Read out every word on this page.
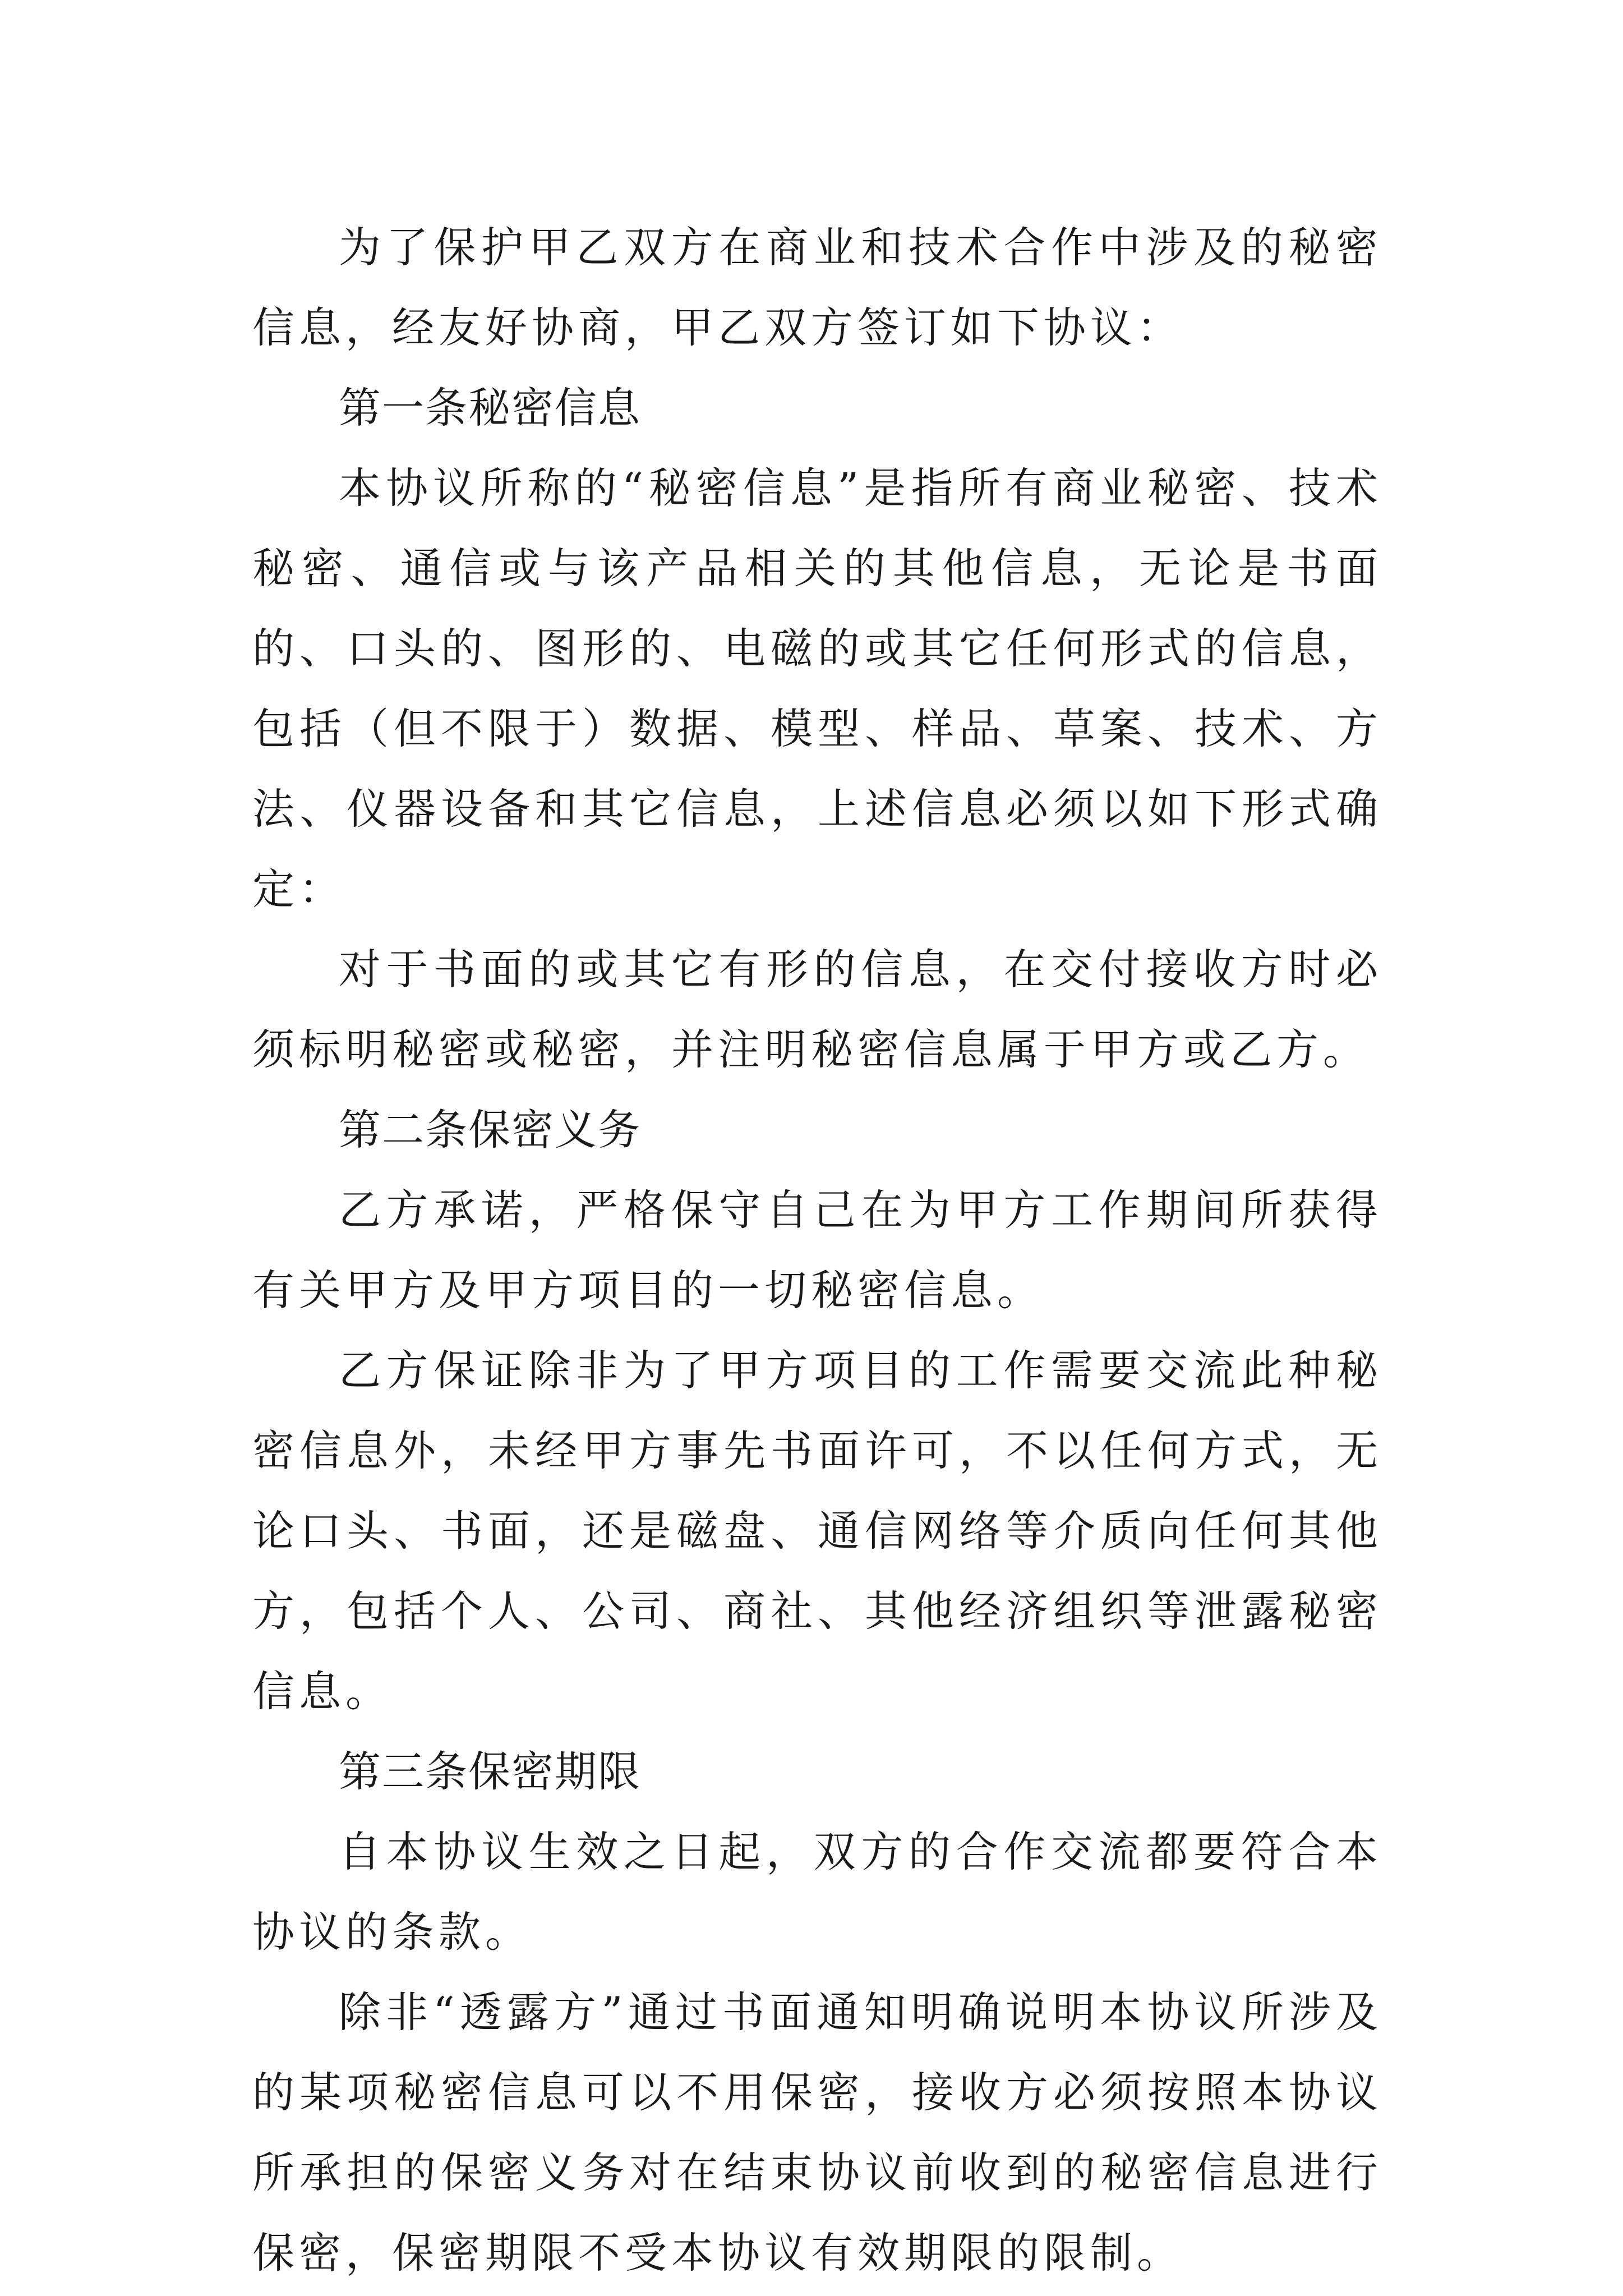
为了保护甲乙双方在商业和技术合作中涉及的秘密信息，经友好协商，甲乙双方签订如下协议：

第一条秘密信息

本协议所称的“秘密信息”是指所有商业秘密、技术秘密、通信或与该产品相关的其他信息，无论是书面的、口头的、图形的、电磁的或其它任何形式的信息，包括（但不限于）数据、模型、样品、草案、技术、方法、仪器设备和其它信息，上述信息必须以如下形式确定：

对于书面的或其它有形的信息，在交付接收方时必须标明秘密或秘密，并注明秘密信息属于甲方或乙方。

第二条保密义务

乙方承诺，严格保守自己在为甲方工作期间所获得有关甲方及甲方项目的一切秘密信息。

乙方保证除非为了甲方项目的工作需要交流此种秘密信息外，未经甲方事先书面许可，不以任何方式，无论口头、书面，还是磁盘、通信网络等介质向任何其他方，包括个人、公司、商社、其他经济组织等泄露秘密信息。

第三条保密期限

自本协议生效之日起，双方的合作交流都要符合本协议的条款。

除非“透露方”通过书面通知明确说明本协议所涉及的某项秘密信息可以不用保密，接收方必须按照本协议所承担的保密义务对在结束协议前收到的秘密信息进行保密，保密期限不受本协议有效期限的限制。
